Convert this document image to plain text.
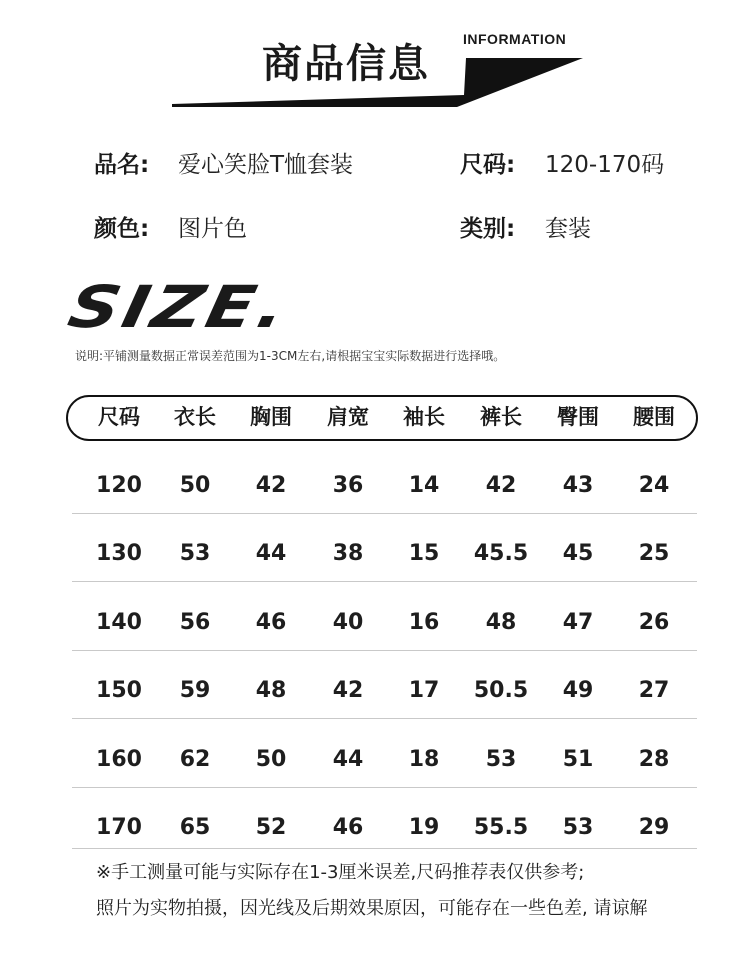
商品信息
INFORMATION
品名: 爱心笑脸T恤套装	尺码: 120-170码
颜色: 图片色	类别: 套装
SIZE.
说明:平铺测量数据正常误差范围为1-3CM左右,请根据宝宝实际数据进行选择哦。
尺码 衣长 胸围 肩宽 袖长 裤长 臀围 腰围
120 50 42 36 14 42 43 24
130 53 44 38 15 45.5 45 25
140 56 46 40 16 48 47 26
150 59 48 42 17 50.5 49 27
160 62 50 44 18 53 51 28
170 65 52 46 19 55.5 53 29
※手工测量可能与实际存在1-3厘米误差,尺码推荐表仅供参考;
照片为实物拍摄，因光线及后期效果原因，可能存在一些色差, 请谅解
